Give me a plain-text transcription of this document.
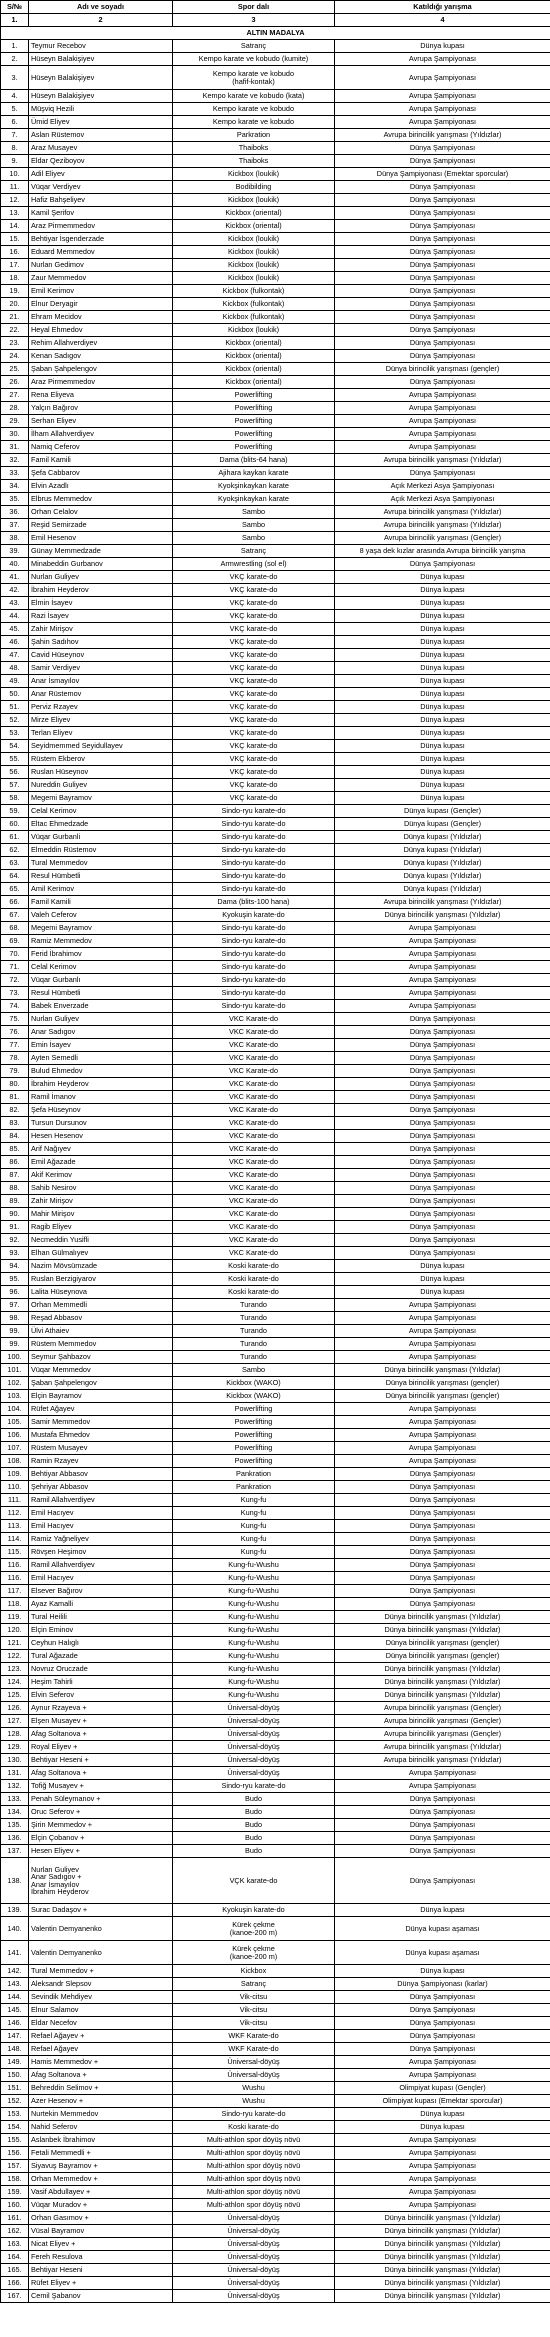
S/№	Adı ve soyadı	Spor dalı	Katıldığı yarışma
1.	2	3	4
ALTIN MADALYA			
1.	Teymur Recebov	Satranç	Dünya kupası
2.	Hüseyn Balakişiyev	Kempo karate ve kobudo (kumite)	Avrupa Şampiyonası
3.	Hüseyn Balakişiyev	Kempo karate ve kobudo
(hafif-kontak)	Avrupa Şampiyonası
4.	Hüseyn Balakişiyev	Kempo karate ve kobudo (kata)	Avrupa Şampiyonası
5.	Müşviq Hezili	Kempo karate ve kobudo	Avrupa Şampiyonası
6.	Ümid Eliyev	Kempo karate ve kobudo	Avrupa Şampiyonası
7.	Aslan Rüstemov	Parkration	Avrupa birincilik yarışması (Yıldızlar)
8.	Araz Musayev	Thaiboks	Dünya Şampiyonası
9.	Eldar Qeziboyov	Thaiboks	Dünya Şampiyonası
10.	Adil Eliyev	Kickbox (loukik)	Dünya Şampiyonası (Emektar sporcular)
11.	Vüqar Verdiyev	Bodibilding	Dünya Şampiyonası
12.	Hafiz Bahşeliyev	Kickbox (loukik)	Dünya Şampiyonası
13.	Kamil Şerifov	Kickbox (oriental)	Dünya Şampiyonası
14.	Araz Pirmemmedov	Kickbox (oriental)	Dünya Şampiyonası
15.	Behtiyar İsgenderzade	Kickbox (loukik)	Dünya Şampiyonası
16.	Eduard Memmedov	Kickbox (loukik)	Dünya Şampiyonası
17.	Nurlan Gedimov	Kickbox (loukik)	Dünya Şampiyonası
18.	Zaur Memmedov	Kickbox (loukik)	Dünya Şampiyonası
19.	Emil Kerimov	Kickbox (fulkontak)	Dünya Şampiyonası
20.	Elnur Deryagir	Kickbox (fulkontak)	Dünya Şampiyonası
21.	Ehram Mecidov	Kickbox (fulkontak)	Dünya Şampiyonası
22.	Heyal Ehmedov	Kickbox (loukik)	Dünya Şampiyonası
23.	Rehim Allahverdiyev	Kickbox (oriental)	Dünya Şampiyonası
24.	Kenan Sadıgov	Kickbox (oriental)	Dünya Şampiyonası
25.	Şaban Şahpelengov	Kickbox (oriental)	Dünya birincilik yarışması (gençler)
26.	Araz Pirmemmedov	Kickbox (oriental)	Dünya Şampiyonası
27.	Rena Eliyeva	Powerlifting	Avrupa Şampiyonası
28.	Yalçın Bağırov	Powerlifting	Avrupa Şampiyonası
29.	Serhan Eliyev	Powerlifting	Avrupa Şampiyonası
30.	İlham Allahverdiyev	Powerlifting	Avrupa Şampiyonası
31.	Namiq Ceferov	Powerlifting	Avrupa Şampiyonası
32.	Famil Kamili	Dama (blits-64 hana)	Avrupa birincilik yarışması (Yıldızlar)
33.	Şefa Cabbarov	Ajihara kaykan karate	Dünya Şampiyonası
34.	Elvin Azadlı	Kyokşinkaykan karate	Açık Merkezi Asya Şampiyonası
35.	Elbrus Memmedov	Kyokşinkaykan karate	Açık Merkezi Asya Şampiyonası
36.	Orhan Celalov	Sambo	Avrupa birincilik yarışması (Yıldızlar)
37.	Reşid Semirzade	Sambo	Avrupa birincilik yarışması (Yıldızlar)
38.	Emil Hesenov	Sambo	Avrupa birincilik yarışması (Gençler)
39.	Günay Memmedzade	Satranç	8 yaşa dek kızlar arasında Avrupa birincilik yarışma
40.	Minabeddin Gurbanov	Armwrestling (sol el)	Dünya Şampiyonası
41.	Nurlan Guliyev	VKÇ karate-do	Dünya kupası
42.	İbrahim Heyderov	VKÇ karate-do	Dünya kupası
43.	Elmin İsayev	VKÇ karate-do	Dünya kupası
44.	Razi İsayev	VKÇ karate-do	Dünya kupası
45.	Zahir Mirişov	VKÇ karate-do	Dünya kupası
46.	Şahin Sadıhov	VKÇ karate-do	Dünya kupası
47.	Cavid Hüseynov	VKÇ karate-do	Dünya kupası
48.	Samir Verdiyev	VKÇ karate-do	Dünya kupası
49.	Anar İsmayılov	VKÇ karate-do	Dünya kupası
50.	Anar Rüstemov	VKÇ karate-do	Dünya kupası
51.	Perviz Rzayev	VKÇ karate-do	Dünya kupası
52.	Mirze Eliyev	VKÇ karate-do	Dünya kupası
53.	Terlan Eliyev	VKÇ karate-do	Dünya kupası
54.	Seyidmemmed Seyidullayev	VKÇ karate-do	Dünya kupası
55.	Rüstem Ekberov	VKÇ karate-do	Dünya kupası
56.	Ruslan Hüseynov	VKÇ karate-do	Dünya kupası
57.	Nureddin Guliyev	VKÇ karate-do	Dünya kupası
58.	Megemi Bayramov	VKÇ karate-do	Dünya kupası
59.	Celal Kerimov	Sindo-ryu karate-do	Dünya kupası (Gençler)
60.	Eltac Ehmedzade	Sindo-ryu karate-do	Dünya kupası (Gençler)
61.	Vüqar Gurbanli	Sindo-ryu karate-do	Dünya kupası (Yıldızlar)
62.	Elmeddin Rüstemov	Sindo-ryu karate-do	Dünya kupası (Yıldızlar)
63.	Tural Memmedov	Sindo-ryu karate-do	Dünya kupası (Yıldızlar)
64.	Resul Hümbetli	Sindo-ryu karate-do	Dünya kupası (Yıldızlar)
65.	Amil Kerimov	Sindo-ryu karate-do	Dünya kupası (Yıldızlar)
66.	Famil Kamili	Dama (blits-100 hana)	Avrupa birincilik yarışması (Yıldızlar)
67.	Valeh Ceferov	Kyokuşin karate-do	Dünya birincilik yarışması (Yıldızlar)
68.	Megemi Bayramov	Sindo-ryu karate-do	Avrupa Şampiyonası
69.	Ramiz Memmedov	Sindo-ryu karate-do	Avrupa Şampiyonası
70.	Ferid İbrahimov	Sindo-ryu karate-do	Avrupa Şampiyonası
71.	Celal Kerimov	Sindo-ryu karate-do	Avrupa Şampiyonası
72.	Vüqar Gurbanlı	Sindo-ryu karate-do	Avrupa Şampiyonası
73.	Resul Hümbetli	Sindo-ryu karate-do	Avrupa Şampiyonası
74.	Babek Enverzade	Sindo-ryu karate-do	Avrupa Şampiyonası
75.	Nurlan Guliyev	VKC Karate-do	Dünya Şampiyonası
76.	Anar Sadıgov	VKC Karate-do	Dünya Şampiyonası
77.	Emin İsayev	VKC Karate-do	Dünya Şampiyonası
78.	Ayten Semedli	VKC Karate-do	Dünya Şampiyonası
79.	Bulud Ehmedov	VKC Karate-do	Dünya Şampiyonası
80.	İbrahim Heyderov	VKC Karate-do	Dünya Şampiyonası
81.	Ramil İmanov	VKC Karate-do	Dünya Şampiyonası
82.	Şefa Hüseynov	VKC Karate-do	Dünya Şampiyonası
83.	Tursun Dursunov	VKC Karate-do	Dünya Şampiyonası
84.	Hesen Hesenov	VKC Karate-do	Dünya Şampiyonası
85.	Arif Nağıyev	VKC Karate-do	Dünya Şampiyonası
86.	Emil Ağazade	VKC Karate-do	Dünya Şampiyonası
87.	Akif Kerimov	VKC Karate-do	Dünya Şampiyonası
88.	Sahib Nesirov	VKC Karate-do	Dünya Şampiyonası
89.	Zahir Mirişov	VKC Karate-do	Dünya Şampiyonası
90.	Mahir Mirişov	VKC Karate-do	Dünya Şampiyonası
91.	Ragib Eliyev	VKC Karate-do	Dünya Şampiyonası
92.	Necmeddin Yusifli	VKC Karate-do	Dünya Şampiyonası
93.	Elhan Gülmalıyev	VKC Karate-do	Dünya Şampiyonası
94.	Nazim Mövsümzade	Koski karate-do	Dünya kupası
95.	Ruslan Berzigiyarov	Koski karate-do	Dünya kupası
96.	Lalita Hüseynova	Koski karate-do	Dünya kupası
97.	Orhan Memmedli	Turando	Avrupa Şampiyonası
98.	Reşad Abbasov	Turando	Avrupa Şampiyonası
99.	Ülvi Athaiev	Turando	Avrupa Şampiyonası
99.	Rüstem Memmedov	Turando	Avrupa Şampiyonası
100.	Seymur Şahbazov	Turando	Avrupa Şampiyonası
101.	Vüqar Memmedov	Sambo	Dünya birincilik yarışması (Yıldızlar)
102.	Şaban Şahpelengov	Kickbox (WAKO)	Dünya birincilik yarışması (gençler)
103.	Elçin Bayramov	Kickbox (WAKO)	Dünya birincilik yarışması (gençler)
104.	Rüfet Ağayev	Powerlifting	Avrupa Şampiyonası
105.	Samir Memmedov	Powerlifting	Avrupa Şampiyonası
106.	Mustafa Ehmedov	Powerlifting	Avrupa Şampiyonası
107.	Rüstem Musayev	Powerlifting	Avrupa Şampiyonası
108.	Ramin Rzayev	Powerlifting	Avrupa Şampiyonası
109.	Behtiyar Abbasov	Pankration	Dünya Şampiyonası
110.	Şehriyar Abbasov	Pankration	Dünya Şampiyonası
111.	Ramil Allahverdiyev	Kung-fu	Dünya Şampiyonası
112.	Emil Hacıyev	Kung-fu	Dünya Şampiyonası
113.	Emil Hacıyev	Kung-fu	Dünya Şampiyonası
114.	Ramiz Yağneliyev	Kung-fu	Dünya Şampiyonası
115.	Rövşen Heşimov	Kung-fu	Dünya Şampiyonası
116.	Ramil Allahverdiyev	Kung-fu-Wushu	Dünya Şampiyonası
116.	Emil Hacıyev	Kung-fu-Wushu	Dünya Şampiyonası
117.	Elsever Bağırov	Kung-fu-Wushu	Dünya Şampiyonası
118.	Ayaz Kamalli	Kung-fu-Wushu	Dünya Şampiyonası
119.	Tural Heilili	Kung-fu-Wushu	Dünya birincilik yarışması (Yıldızlar)
120.	Elçin Eminov	Kung-fu-Wushu	Dünya birincilik yarışması (Yıldızlar)
121.	Ceyhun Halıglı	Kung-fu-Wushu	Dünya birincilik yarışması (gençler)
122.	Tural Ağazade	Kung-fu-Wushu	Dünya birincilik yarışması (gençler)
123.	Novruz Oruczade	Kung-fu-Wushu	Dünya birincilik yarışması (Yıldızlar)
124.	Heşim Tahirli	Kung-fu-Wushu	Dünya birincilik yarışması (Yıldızlar)
125.	Elvin Seferov	Kung-fu-Wushu	Dünya birincilik yarışması (Yıldızlar)
126.	Aynur Rzayeva +	Üniversal-döyüş	Avrupa birincilik yarışması (Gençler)
127.	Elşen Musayev +	Üniversal-döyüş	Avrupa birincilik yarışması (Gençler)
128.	Afag Soltanova +	Üniversal-döyüş	Avrupa birincilik yarışması (Gençler)
129.	Royal Eliyev +	Üniversal-döyüş	Avrupa birincilik yarışması (Yıldızlar)
130.	Behtiyar Heseni +	Üniversal-döyüş	Avrupa birincilik yarışması (Yıldızlar)
131.	Afag Soltanova +	Üniversal-döyüş	Avrupa Şampiyonası
132.	Tofiğ Musayev +	Sindo-ryu karate-do	Avrupa Şampiyonası
133.	Penah Süleymanov +	Budo	Dünya Şampiyonası
134.	Oruc Seferov +	Budo	Dünya Şampiyonası
135.	Şirin Memmedov +	Budo	Dünya Şampiyonası
136.	Elçin Çobanov +	Budo	Dünya Şampiyonası
137.	Hesen Eliyev +	Budo	Dünya Şampiyonası
138.	Nurlan Guliyev
Anar Sadıgov +
Anar İsmayılov
İbrahim Heyderov	VÇK karate-do	Dünya Şampiyonası
139.	Surac Dadaşov +	Kyokuşin karate-do	Dünya kupası
140.	Valentin Demyanenko	Kürek çekme
(kanoe-200 m)	Dünya kupası aşaması
141.	Valentin Demyanenko	Kürek çekme
(kanoe-200 m)	Dünya kupası aşaması
142.	Tural Memmedov +	Kickbox	Dünya kupası
143.	Aleksandr Slepsov	Satranç	Dünya Şampiyonası (karlar)
144.	Sevindik Mehdiyev	Vik-citsu	Dünya Şampiyonası
145.	Elnur Salamov	Vik-citsu	Dünya Şampiyonası
146.	Eldar Necefov	Vik-citsu	Dünya Şampiyonası
147.	Refael Ağayev +	WKF Karate-do	Dünya Şampiyonası
148.	Refael Ağayev	WKF Karate-do	Dünya Şampiyonası
149.	Hamis Memmedov +	Üniversal-döyüş	Avrupa Şampiyonası
150.	Afag Soltanova +	Üniversal-döyüş	Avrupa Şampiyonası
151.	Behreddin Selimov +	Wushu	Olimpiyat kupası (Gençler)
152.	Azer Hesenov +	Wushu	Olimpiyat kupası (Emektar sporcular)
153.	Nurtekin Memmedov	Sindo-ryu karate-do	Dünya kupası
154.	Nahid Seferov	Koski karate-do	Dünya kupası
155.	Aslanbek İbrahimov	Multi-athlon spor döyüş növü	Avrupa Şampiyonası
156.	Fetali Memmedli +	Multi-athlon spor döyüş növü	Avrupa Şampiyonası
157.	Siyavuş Bayramov +	Multi-athlon spor döyüş növü	Avrupa Şampiyonası
158.	Orhan Memmedov +	Multi-athlon spor döyüş növü	Avrupa Şampiyonası
159.	Vasif Abdullayev +	Multi-athlon spor döyüş növü	Avrupa Şampiyonası
160.	Vüqar Muradov +	Multi-athlon spor döyüş növü	Avrupa Şampiyonası
161.	Orhan Gasımov +	Üniversal-döyüş	Dünya birincilik yarışması (Yıldızlar)
162.	Vüsal Bayramov	Üniversal-döyüş	Dünya birincilik yarışması (Yıldızlar)
163.	Nicat Eliyev +	Üniversal-döyüş	Dünya birincilik yarışması (Yıldızlar)
164.	Fereh Resulova	Üniversal-döyüş	Dünya birincilik yarışması (Yıldızlar)
165.	Behtiyar Heseni	Üniversal-döyüş	Dünya birincilik yarışması (Yıldızlar)
166.	Rüfet Eliyev +	Üniversal-döyüş	Dünya birincilik yarışması (Yıldızlar)
167.	Cemil Şabanov	Üniversal-döyüş	Dünya birincilik yarışması (Yıldızlar)
